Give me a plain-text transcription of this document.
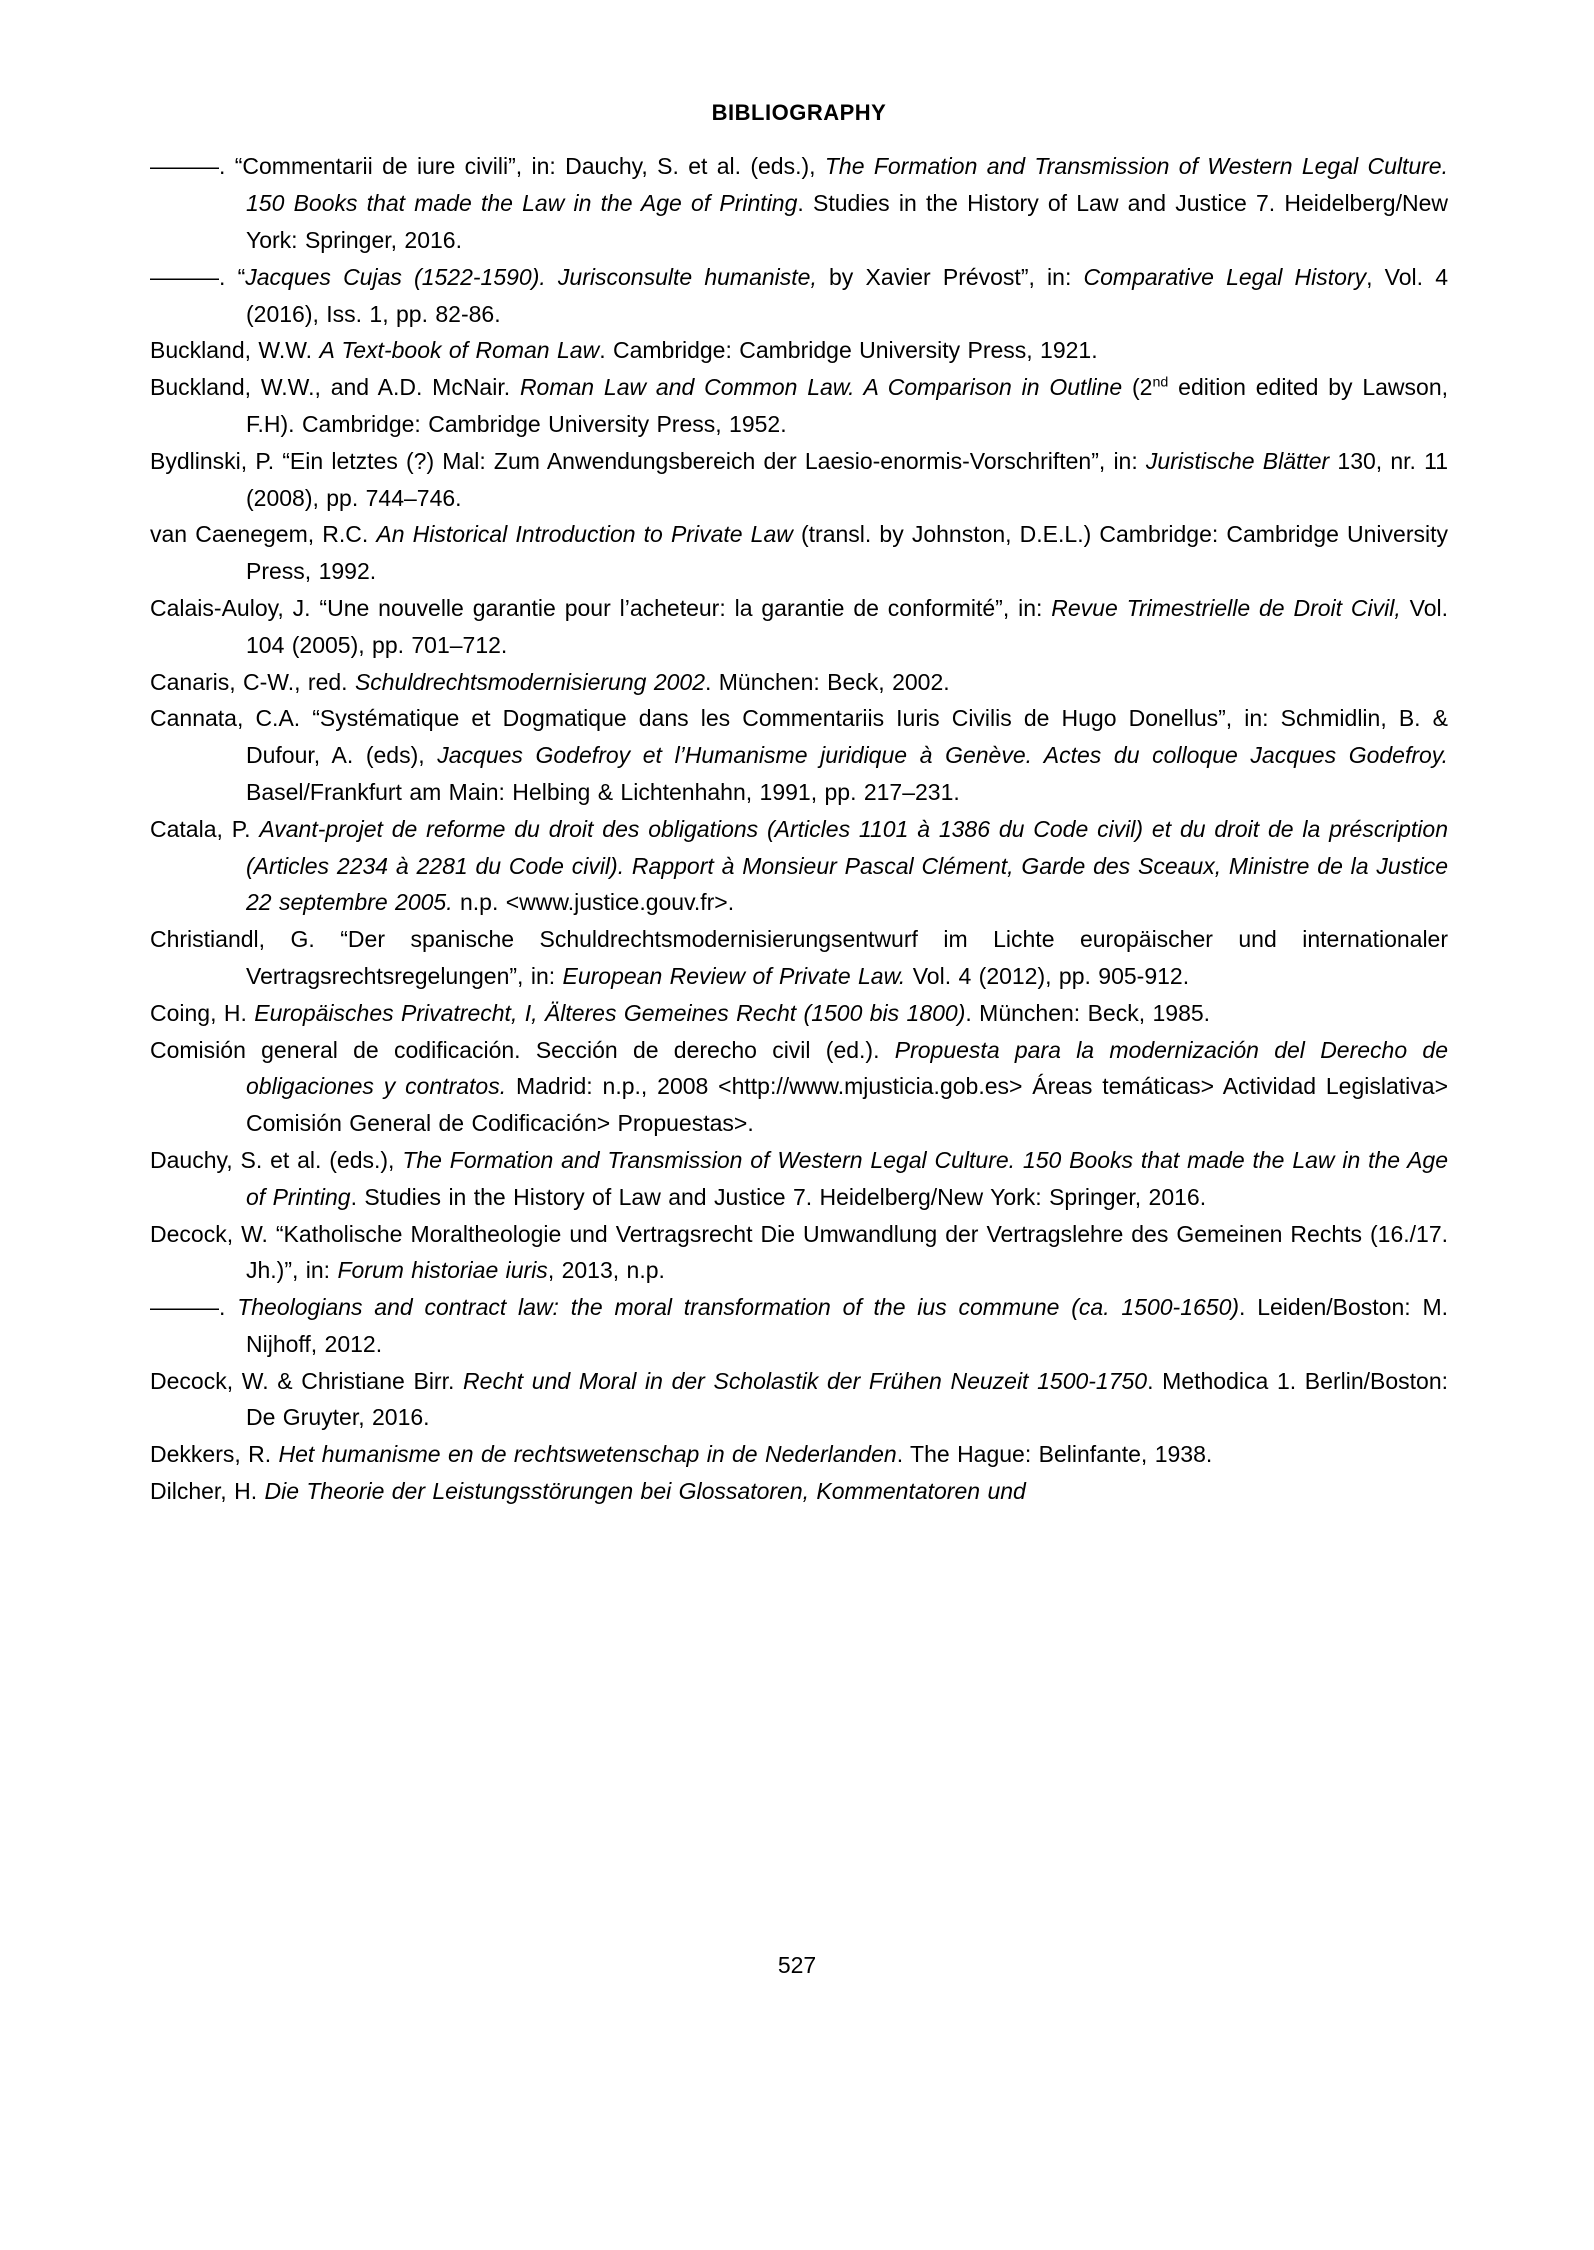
BIBLIOGRAPHY

———. “Commentarii de iure civili”, in: Dauchy, S. et al. (eds.), The Formation and Transmission of Western Legal Culture. 150 Books that made the Law in the Age of Printing. Studies in the History of Law and Justice 7. Heidelberg/New York: Springer, 2016.

———. “Jacques Cujas (1522-1590). Jurisconsulte humaniste, by Xavier Prévost”, in: Comparative Legal History, Vol. 4 (2016), Iss. 1, pp. 82-86.

Buckland, W.W. A Text-book of Roman Law. Cambridge: Cambridge University Press, 1921.

Buckland, W.W., and A.D. McNair. Roman Law and Common Law. A Comparison in Outline (2nd edition edited by Lawson, F.H). Cambridge: Cambridge University Press, 1952.

Bydlinski, P. “Ein letztes (?) Mal: Zum Anwendungsbereich der Laesio-enormis-Vorschriften”, in: Juristische Blätter 130, nr. 11 (2008), pp. 744–746.

van Caenegem, R.C. An Historical Introduction to Private Law (transl. by Johnston, D.E.L.) Cambridge: Cambridge University Press, 1992.

Calais-Auloy, J. “Une nouvelle garantie pour l’acheteur: la garantie de conformité”, in: Revue Trimestrielle de Droit Civil, Vol. 104 (2005), pp. 701–712.

Canaris, C-W., red. Schuldrechtsmodernisierung 2002. München: Beck, 2002.

Cannata, C.A. “Systématique et Dogmatique dans les Commentariis Iuris Civilis de Hugo Donellus”, in: Schmidlin, B. & Dufour, A. (eds), Jacques Godefroy et l’Humanisme juridique à Genève. Actes du colloque Jacques Godefroy. Basel/Frankfurt am Main: Helbing & Lichtenhahn, 1991, pp. 217–231.

Catala, P. Avant-projet de reforme du droit des obligations (Articles 1101 à 1386 du Code civil) et du droit de la préscription (Articles 2234 à 2281 du Code civil). Rapport à Monsieur Pascal Clément, Garde des Sceaux, Ministre de la Justice 22 septembre 2005. n.p. <www.justice.gouv.fr>.

Christiandl, G. “Der spanische Schuldrechtsmodernisierungsentwurf im Lichte europäischer und internationaler Vertragsrechtsregelungen”, in: European Review of Private Law. Vol. 4 (2012), pp. 905-912.

Coing, H. Europäisches Privatrecht, I, Älteres Gemeines Recht (1500 bis 1800). München: Beck, 1985.

Comisión general de codificación. Sección de derecho civil (ed.). Propuesta para la modernización del Derecho de obligaciones y contratos. Madrid: n.p., 2008 <http://www.mjusticia.gob.es> Áreas temáticas> Actividad Legislativa> Comisión General de Codificación> Propuestas>.

Dauchy, S. et al. (eds.), The Formation and Transmission of Western Legal Culture. 150 Books that made the Law in the Age of Printing. Studies in the History of Law and Justice 7. Heidelberg/New York: Springer, 2016.

Decock, W. “Katholische Moraltheologie und Vertragsrecht Die Umwandlung der Vertragslehre des Gemeinen Rechts (16./17. Jh.)”, in: Forum historiae iuris, 2013, n.p.

———. Theologians and contract law: the moral transformation of the ius commune (ca. 1500-1650). Leiden/Boston: M. Nijhoff, 2012.

Decock, W. & Christiane Birr. Recht und Moral in der Scholastik der Frühen Neuzeit 1500-1750. Methodica 1. Berlin/Boston: De Gruyter, 2016.

Dekkers, R. Het humanisme en de rechtswetenschap in de Nederlanden. The Hague: Belinfante, 1938.

Dilcher, H. Die Theorie der Leistungsstörungen bei Glossatoren, Kommentatoren und

527
